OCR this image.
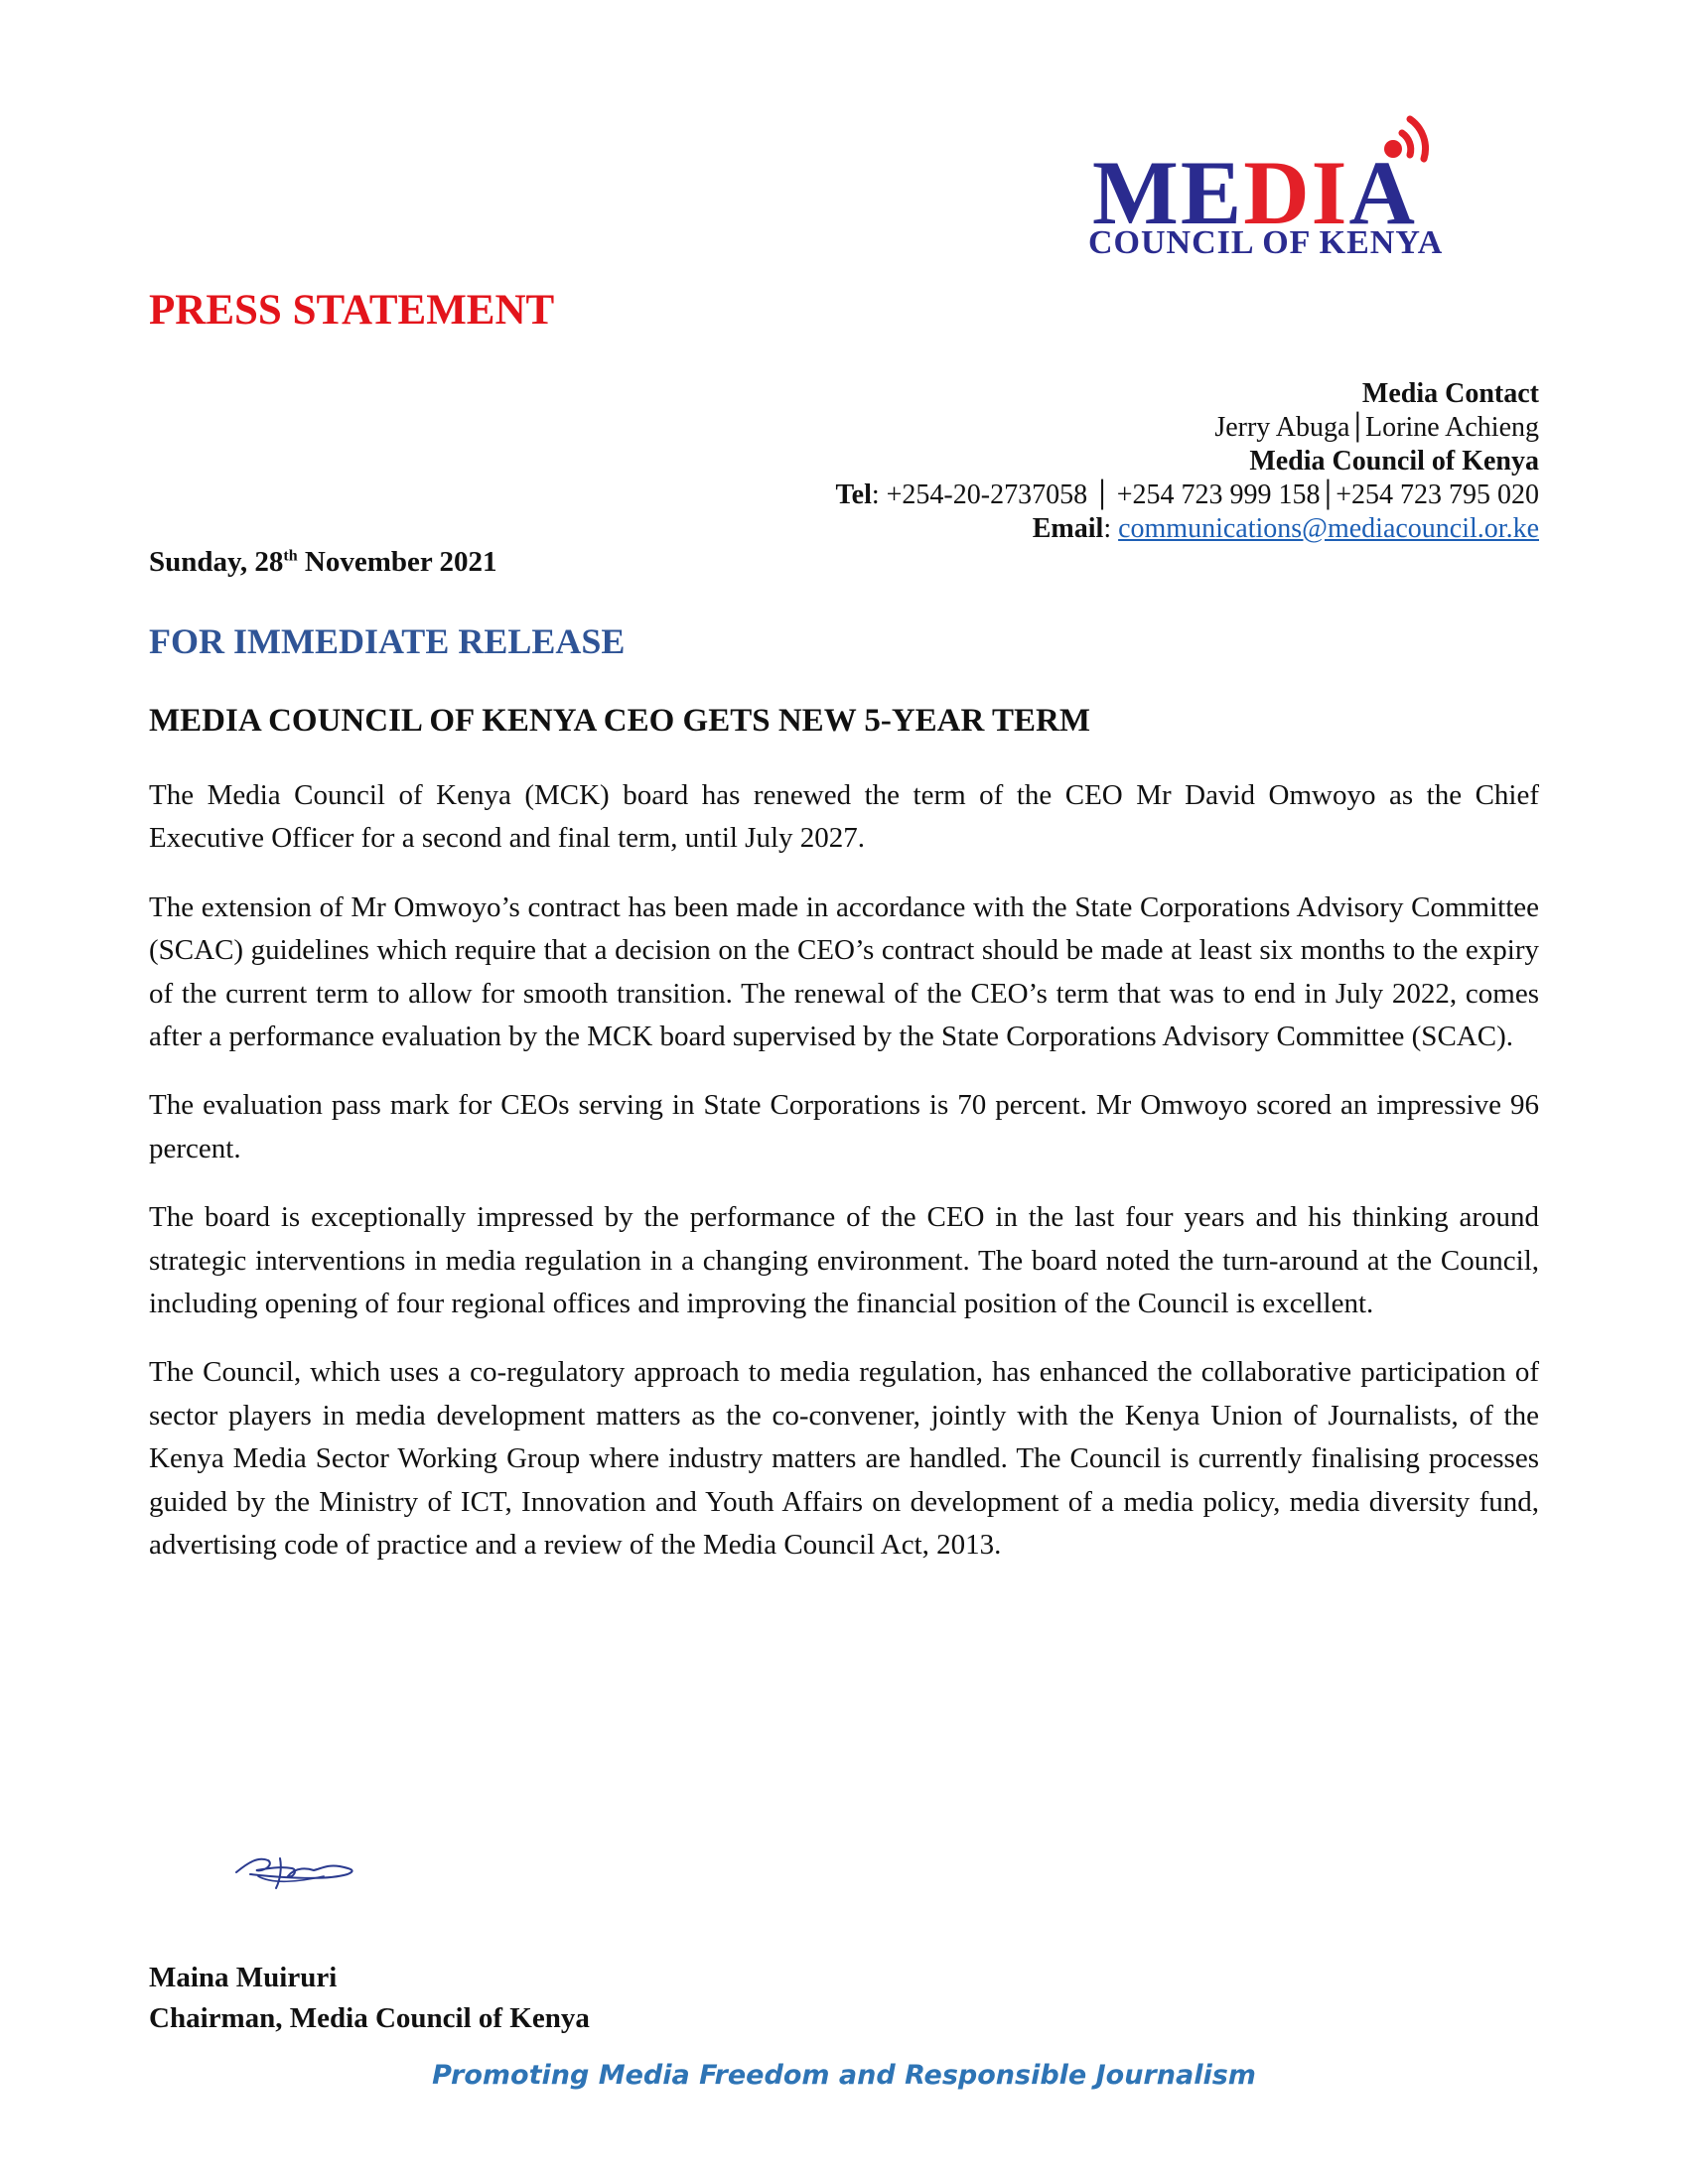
MEDIA
COUNCIL OF KENYA
PRESS STATEMENT
Media Contact
Jerry Abuga│Lorine Achieng
Media Council of Kenya
Tel: +254-20-2737058 │ +254 723 999 158│+254 723 795 020
Email: communications@mediacouncil.or.ke
Sunday, 28th November 2021
FOR IMMEDIATE RELEASE
MEDIA COUNCIL OF KENYA CEO GETS NEW 5-YEAR TERM

The Media Council of Kenya (MCK) board has renewed the term of the CEO Mr David Omwoyo as the Chief Executive Officer for a second and final term, until July 2027.

The extension of Mr Omwoyo’s contract has been made in accordance with the State Corporations Advisory Committee (SCAC) guidelines which require that a decision on the CEO’s contract should be made at least six months to the expiry of the current term to allow for smooth transition. The renewal of the CEO’s term that was to end in July 2022, comes after a performance evaluation by the MCK board supervised by the State Corporations Advisory Committee (SCAC).

The evaluation pass mark for CEOs serving in State Corporations is 70 percent. Mr Omwoyo scored an impressive 96 percent.

The board is exceptionally impressed by the performance of the CEO in the last four years and his thinking around strategic interventions in media regulation in a changing environment. The board noted the turn-around at the Council, including opening of four regional offices and improving the financial position of the Council is excellent.

The Council, which uses a co-regulatory approach to media regulation, has enhanced the collaborative participation of sector players in media development matters as the co-convener, jointly with the Kenya Union of Journalists, of the Kenya Media Sector Working Group where industry matters are handled. The Council is currently finalising processes guided by the Ministry of ICT, Innovation and Youth Affairs on development of a media policy, media diversity fund, advertising code of practice and a review of the Media Council Act, 2013.

Maina Muiruri
Chairman, Media Council of Kenya
Promoting Media Freedom and Responsible Journalism
